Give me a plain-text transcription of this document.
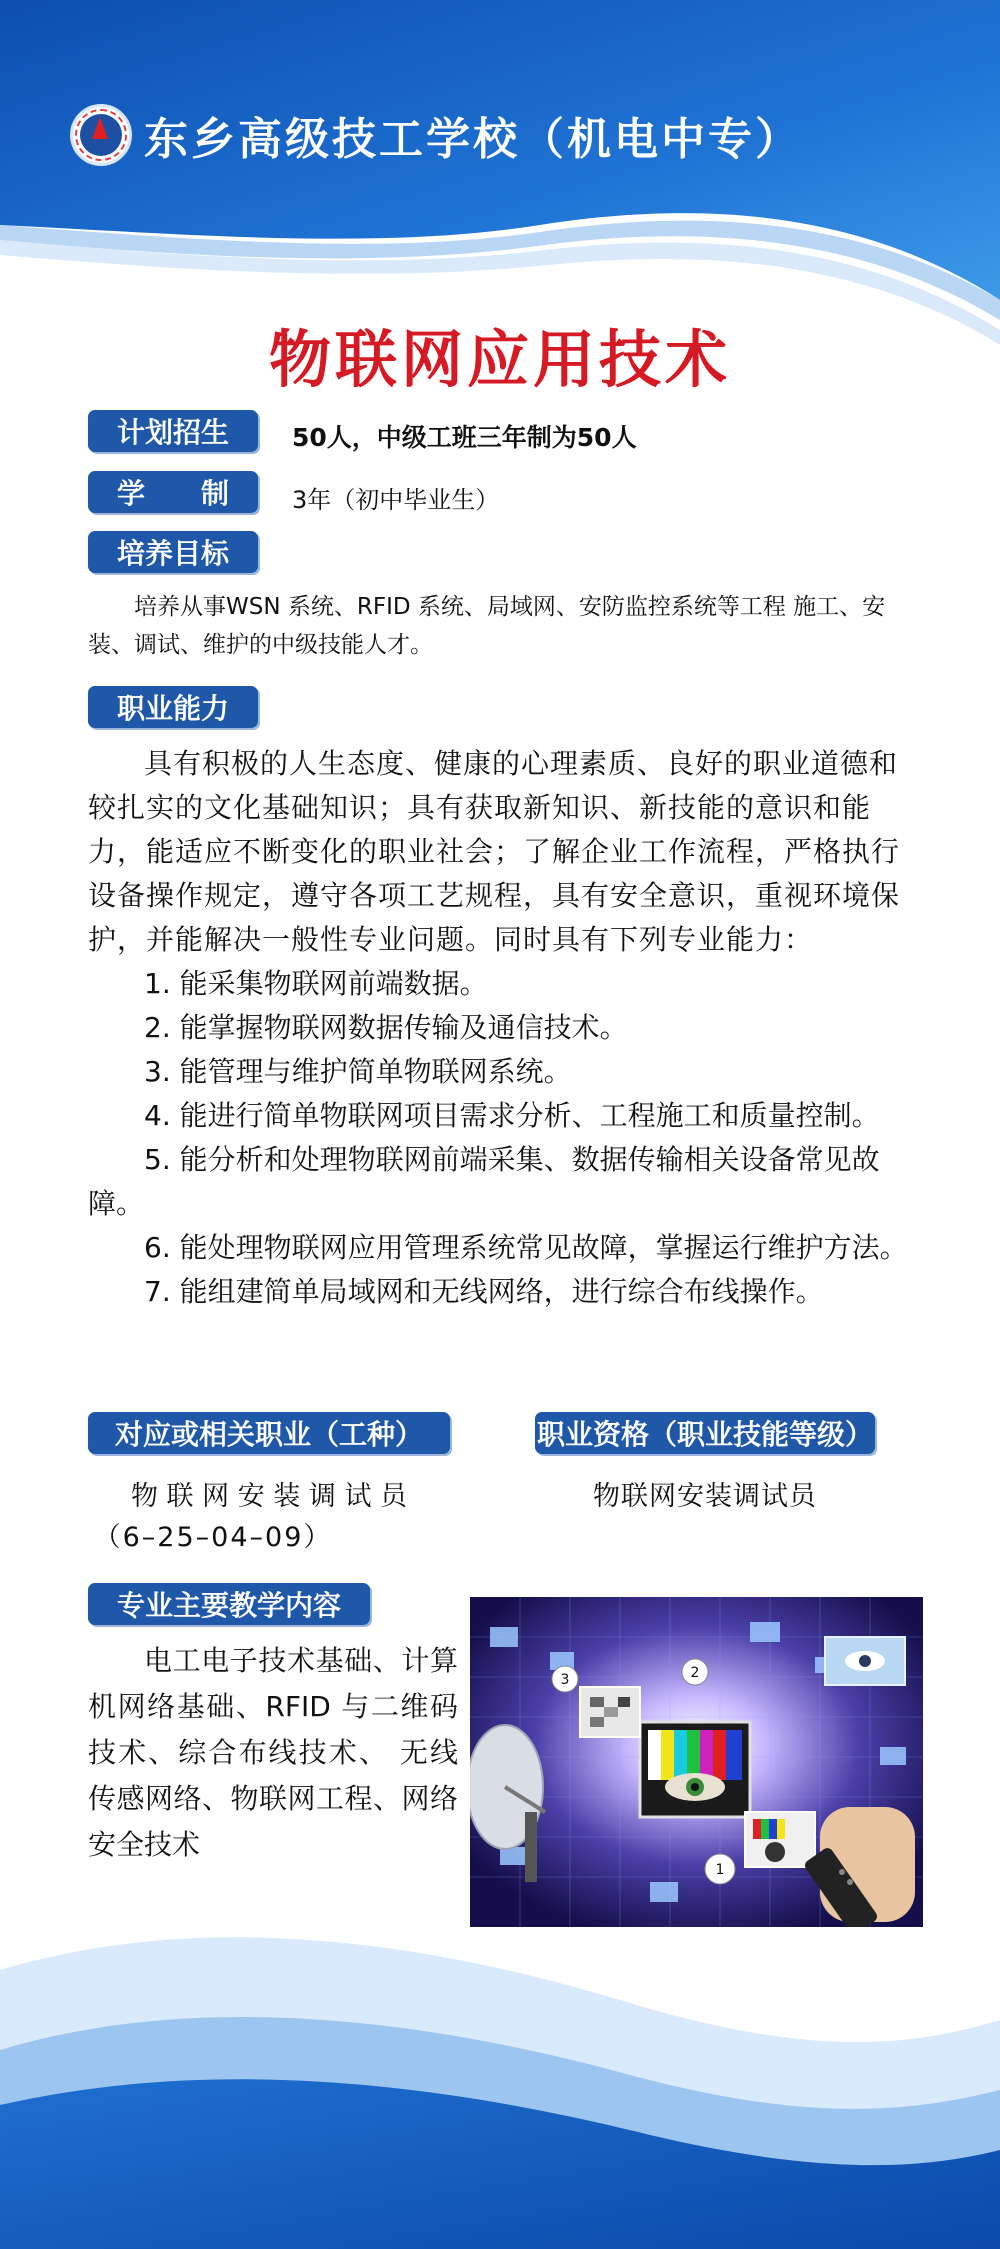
东乡高级技工学校（机电中专）
物联网应用技术
计划招生	50人，中级工班三年制为50人
学　　制	3年（初中毕业生）
培养目标

培养从事WSN 系统、RFID 系统、局域网、安防监控系统等工程 施工、安装、调试、维护的中级技能人才。

职业能力

具有积极的人生态度、健康的心理素质、良好的职业道德和较扎实的文化基础知识；具有获取新知识、新技能的意识和能力，能适应不断变化的职业社会；了解企业工作流程，严格执行设备操作规定，遵守各项工艺规程，具有安全意识，重视环境保护，并能解决一般性专业问题。同时具有下列专业能力：

1. 能采集物联网前端数据。

2. 能掌握物联网数据传输及通信技术。

3. 能管理与维护简单物联网系统。

4. 能进行简单物联网项目需求分析、工程施工和质量控制。

5. 能分析和处理物联网前端采集、数据传输相关设备常见故障。

6. 能处理物联网应用管理系统常见故障，掌握运行维护方法。

7. 能组建简单局域网和无线网络，进行综合布线操作。

对应或相关职业（工种）
物 联 网 安 装 调 试 员
（6–25–04–09）
职业资格（职业技能等级）
物联网安装调试员
专业主要教学内容
电工电子技术基础、计算机网络基础、RFID 与二维码技术、综合布线技术、 无线传感网络、物联网工程、网络安全技术
3	2
1
